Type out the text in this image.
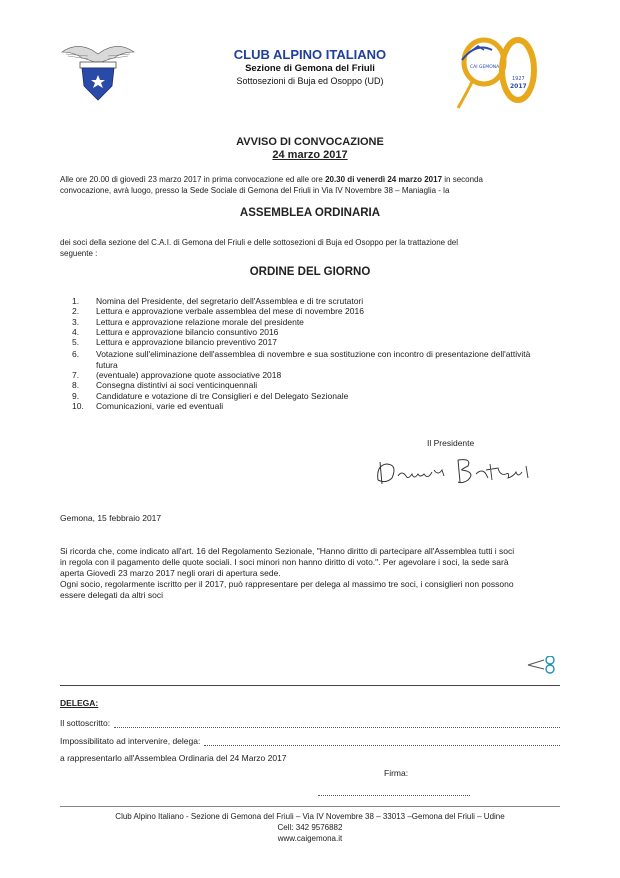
CLUB ALPINO ITALIANO
Sezione di Gemona del Friuli
Sottosezioni di Buja ed Osoppo (UD)	1927
2017
CAI GEMONA
AVVISO DI CONVOCAZIONE
24 marzo 2017
Alle ore 20.00 di giovedì 23 marzo 2017 in prima convocazione ed alle ore 20.30 di venerdì 24 marzo 2017 in seconda
convocazione, avrà luogo, presso la Sede Sociale di Gemona del Friuli in Via IV Novembre 38 – Maniaglia - la
ASSEMBLEA ORDINARIA
dei soci della sezione del C.A.I. di Gemona del Friuli e delle sottosezioni di Buja ed Osoppo per la trattazione del
seguente :
ORDINE DEL GIORNO
1.	Nomina del Presidente, del segretario dell'Assemblea e di tre scrutatori
2.	Lettura e approvazione verbale assemblea del mese di novembre 2016
3.	Lettura e approvazione relazione morale del presidente
4.	Lettura e approvazione bilancio consuntivo 2016
5.	Lettura e approvazione bilancio preventivo 2017
6.	Votazione sull'eliminazione dell'assemblea di novembre e sua sostituzione con incontro di presentazione dell'attività futura
7.	(eventuale) approvazione quote associative 2018
8.	Consegna distintivi ai soci venticinquennali
9.	Candidature e votazione di tre Consiglieri e del Delegato Sezionale
10.	Comunicazioni, varie ed eventuali
Il Presidente
Gemona, 15 febbraio 2017
Si ricorda che, come indicato all'art. 16 del Regolamento Sezionale, "Hanno diritto di partecipare all'Assemblea tutti i soci
in regola con il pagamento delle quote sociali. I soci minori non hanno diritto di voto.". Per agevolare i soci, la sede sarà
aperta Giovedì 23 marzo 2017 negli orari di apertura sede.
Ogni socio, regolarmente iscritto per il 2017, può rappresentare per delega al massimo tre soci, i consiglieri non possono
essere delegati da altri soci
DELEGA:
Il sottoscritto:
Impossibilitato ad intervenire, delega:
a rappresentarlo all'Assemblea Ordinaria del 24 Marzo 2017
Firma:
Club Alpino Italiano - Sezione di Gemona del Friuli – Via IV Novembre 38 – 33013 –Gemona del Friuli – Udine
Cell: 342 9576882
www.caigemona.it
